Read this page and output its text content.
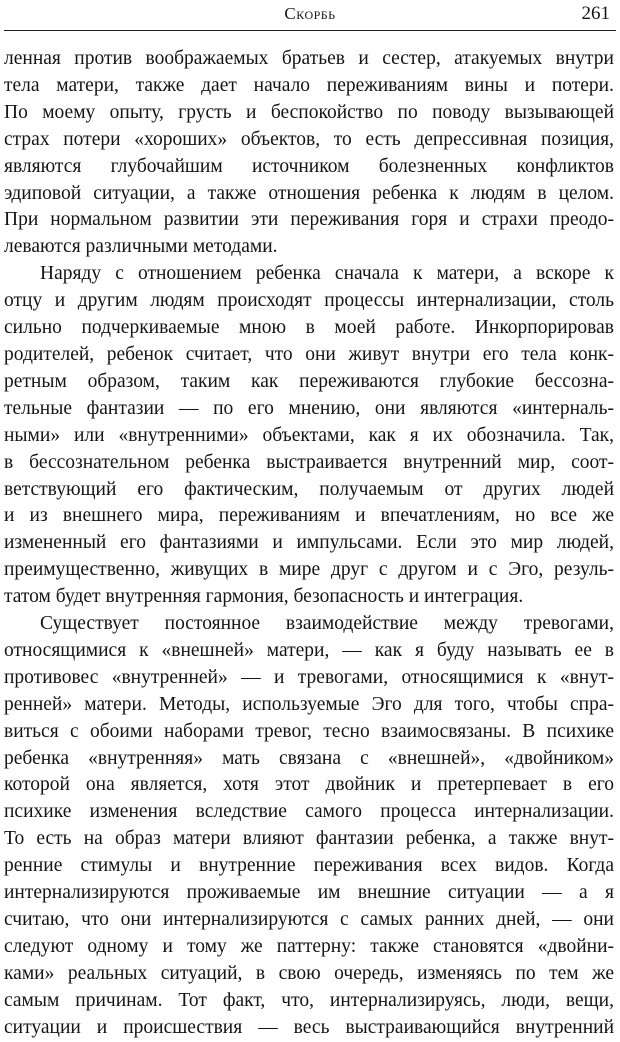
Скорбь	261

ленная против воображаемых братьев и сестер, атакуемых внутри

тела матери, также дает начало переживаниям вины и потери.

По моему опыту, грусть и беспокойство по поводу вызывающей

страх потери «хороших» объектов, то есть депрессивная позиция,

являются глубочайшим источником болезненных конфликтов

эдиповой ситуации, а также отношения ребенка к людям в целом.

При нормальном развитии эти переживания горя и страхи преодо-

леваются различными методами.

Наряду с отношением ребенка сначала к матери, а вскоре к

отцу и другим людям происходят процессы интернализации, столь

сильно подчеркиваемые мною в моей работе. Инкорпорировав

родителей, ребенок считает, что они живут внутри его тела конк-

ретным образом, таким как переживаются глубокие бессозна-

тельные фантазии — по его мнению, они являются «интерналь-

ными» или «внутренними» объектами, как я их обозначила. Так,

в бессознательном ребенка выстраивается внутренний мир, соот-

ветствующий его фактическим, получаемым от других людей

и из внешнего мира, переживаниям и впечатлениям, но все же

измененный его фантазиями и импульсами. Если это мир людей,

преимущественно, живущих в мире друг с другом и с Эго, резуль-

татом будет внутренняя гармония, безопасность и интеграция.

Существует постоянное взаимодействие между тревогами,

относящимися к «внешней» матери, — как я буду называть ее в

противовес «внутренней» — и тревогами, относящимися к «внут-

ренней» матери. Методы, используемые Эго для того, чтобы спра-

виться с обоими наборами тревог, тесно взаимосвязаны. В психике

ребенка «внутренняя» мать связана с «внешней», «двойником»

которой она является, хотя этот двойник и претерпевает в его

психике изменения вследствие самого процесса интернализации.

То есть на образ матери влияют фантазии ребенка, а также внут-

ренние стимулы и внутренние переживания всех видов. Когда

интернализируются проживаемые им внешние ситуации — а я

считаю, что они интернализируются с самых ранних дней, — они

следуют одному и тому же паттерну: также становятся «двойни-

ками» реальных ситуаций, в свою очередь, изменяясь по тем же

самым причинам. Тот факт, что, интернализируясь, люди, вещи,

ситуации и происшествия — весь выстраивающийся внутренний
